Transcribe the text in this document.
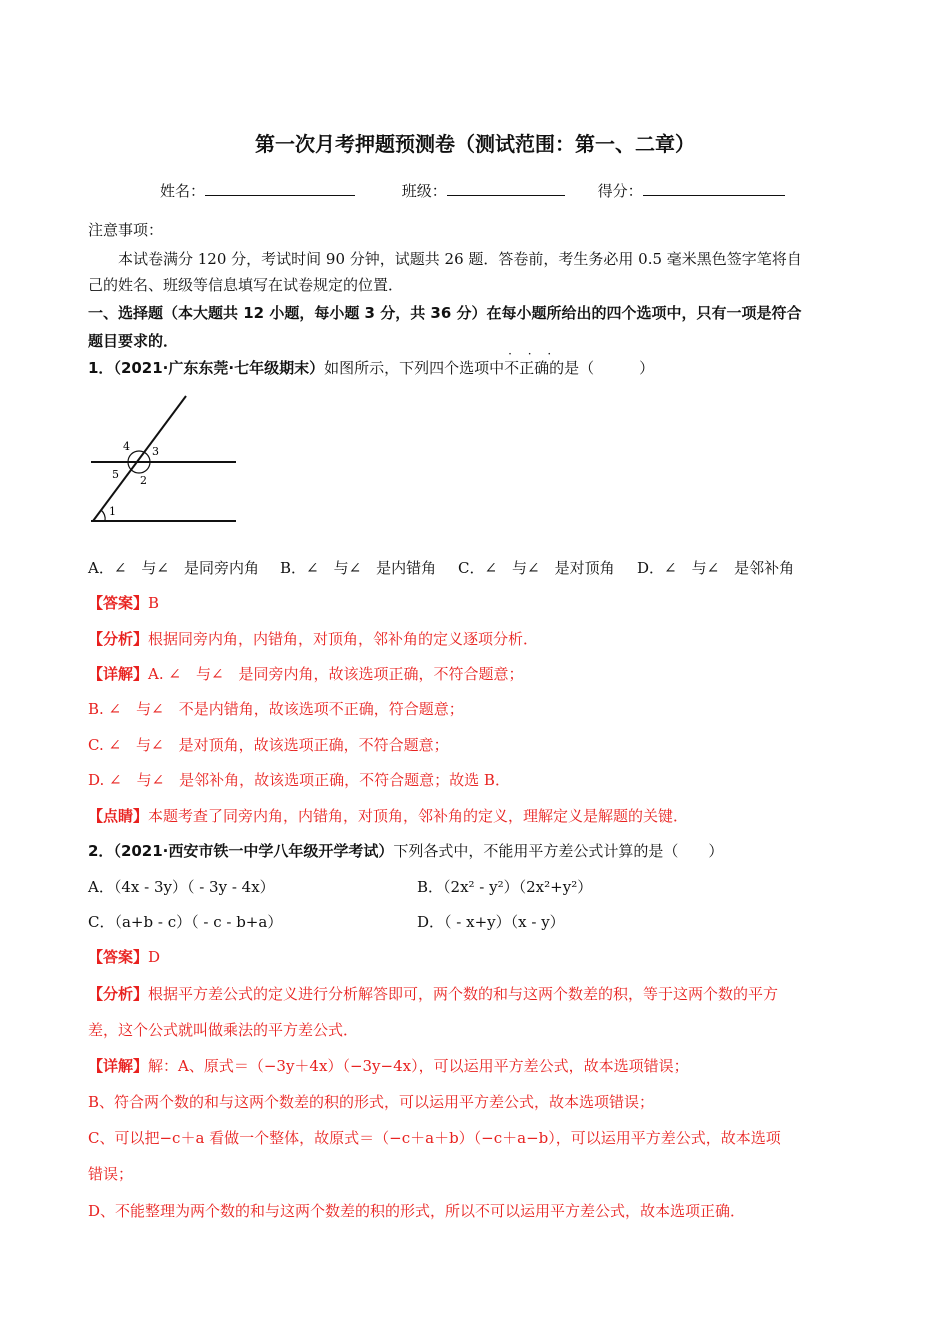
第一次月考押题预测卷（测试范围：第一、二章）
姓名：	班级：	得分：
注意事项：
本试卷满分 120 分，考试时间 90 分钟，试题共 26 题．答卷前，考生务必用 0.5 毫米黑色签字笔将自
己的姓名、班级等信息填写在试卷规定的位置．
一、选择题（本大题共 12 小题，每小题 3 分，共 36 分）在每小题所给出的四个选项中，只有一项是符合
题目要求的．
1．（2021·广东东莞·七年级期末）如图所示，下列四个选项中
· · ·
不正确的是（　　　）
4 3
5 2
1
A．∠　与∠　是同旁内角 B．∠　与∠　是内错角 C．∠　与∠　是对顶角 D．∠　与∠　是邻补角
【答案】B
【分析】根据同旁内角，内错角，对顶角，邻补角的定义逐项分析．
【详解】A. ∠　与∠　是同旁内角，故该选项正确，不符合题意；
B. ∠　与∠　不是内错角，故该选项不正确，符合题意；
C. ∠　与∠　是对顶角，故该选项正确，不符合题意；
D. ∠　与∠　是邻补角，故该选项正确，不符合题意；故选 B．
【点睛】本题考查了同旁内角，内错角，对顶角，邻补角的定义，理解定义是解题的关键．
2．（2021·西安市铁一中学八年级开学考试）下列各式中，不能用平方差公式计算的是（　　）
A．（4x - 3y）（ - 3y - 4x）	B．（2x² - y²）（2x²+y²）
C．（a+b - c）（ - c - b+a）	D．（ - x+y）（x - y）
【答案】D
【分析】根据平方差公式的定义进行分析解答即可，两个数的和与这两个数差的积，等于这两个数的平方
差，这个公式就叫做乘法的平方差公式．
【详解】解：A、原式＝（−3y＋4x）（−3y−4x），可以运用平方差公式，故本选项错误；
B、符合两个数的和与这两个数差的积的形式，可以运用平方差公式，故本选项错误；
C、可以把−c＋a 看做一个整体，故原式＝（−c＋a＋b）（−c＋a−b），可以运用平方差公式，故本选项
错误；
D、不能整理为两个数的和与这两个数差的积的形式，所以不可以运用平方差公式，故本选项正确．
